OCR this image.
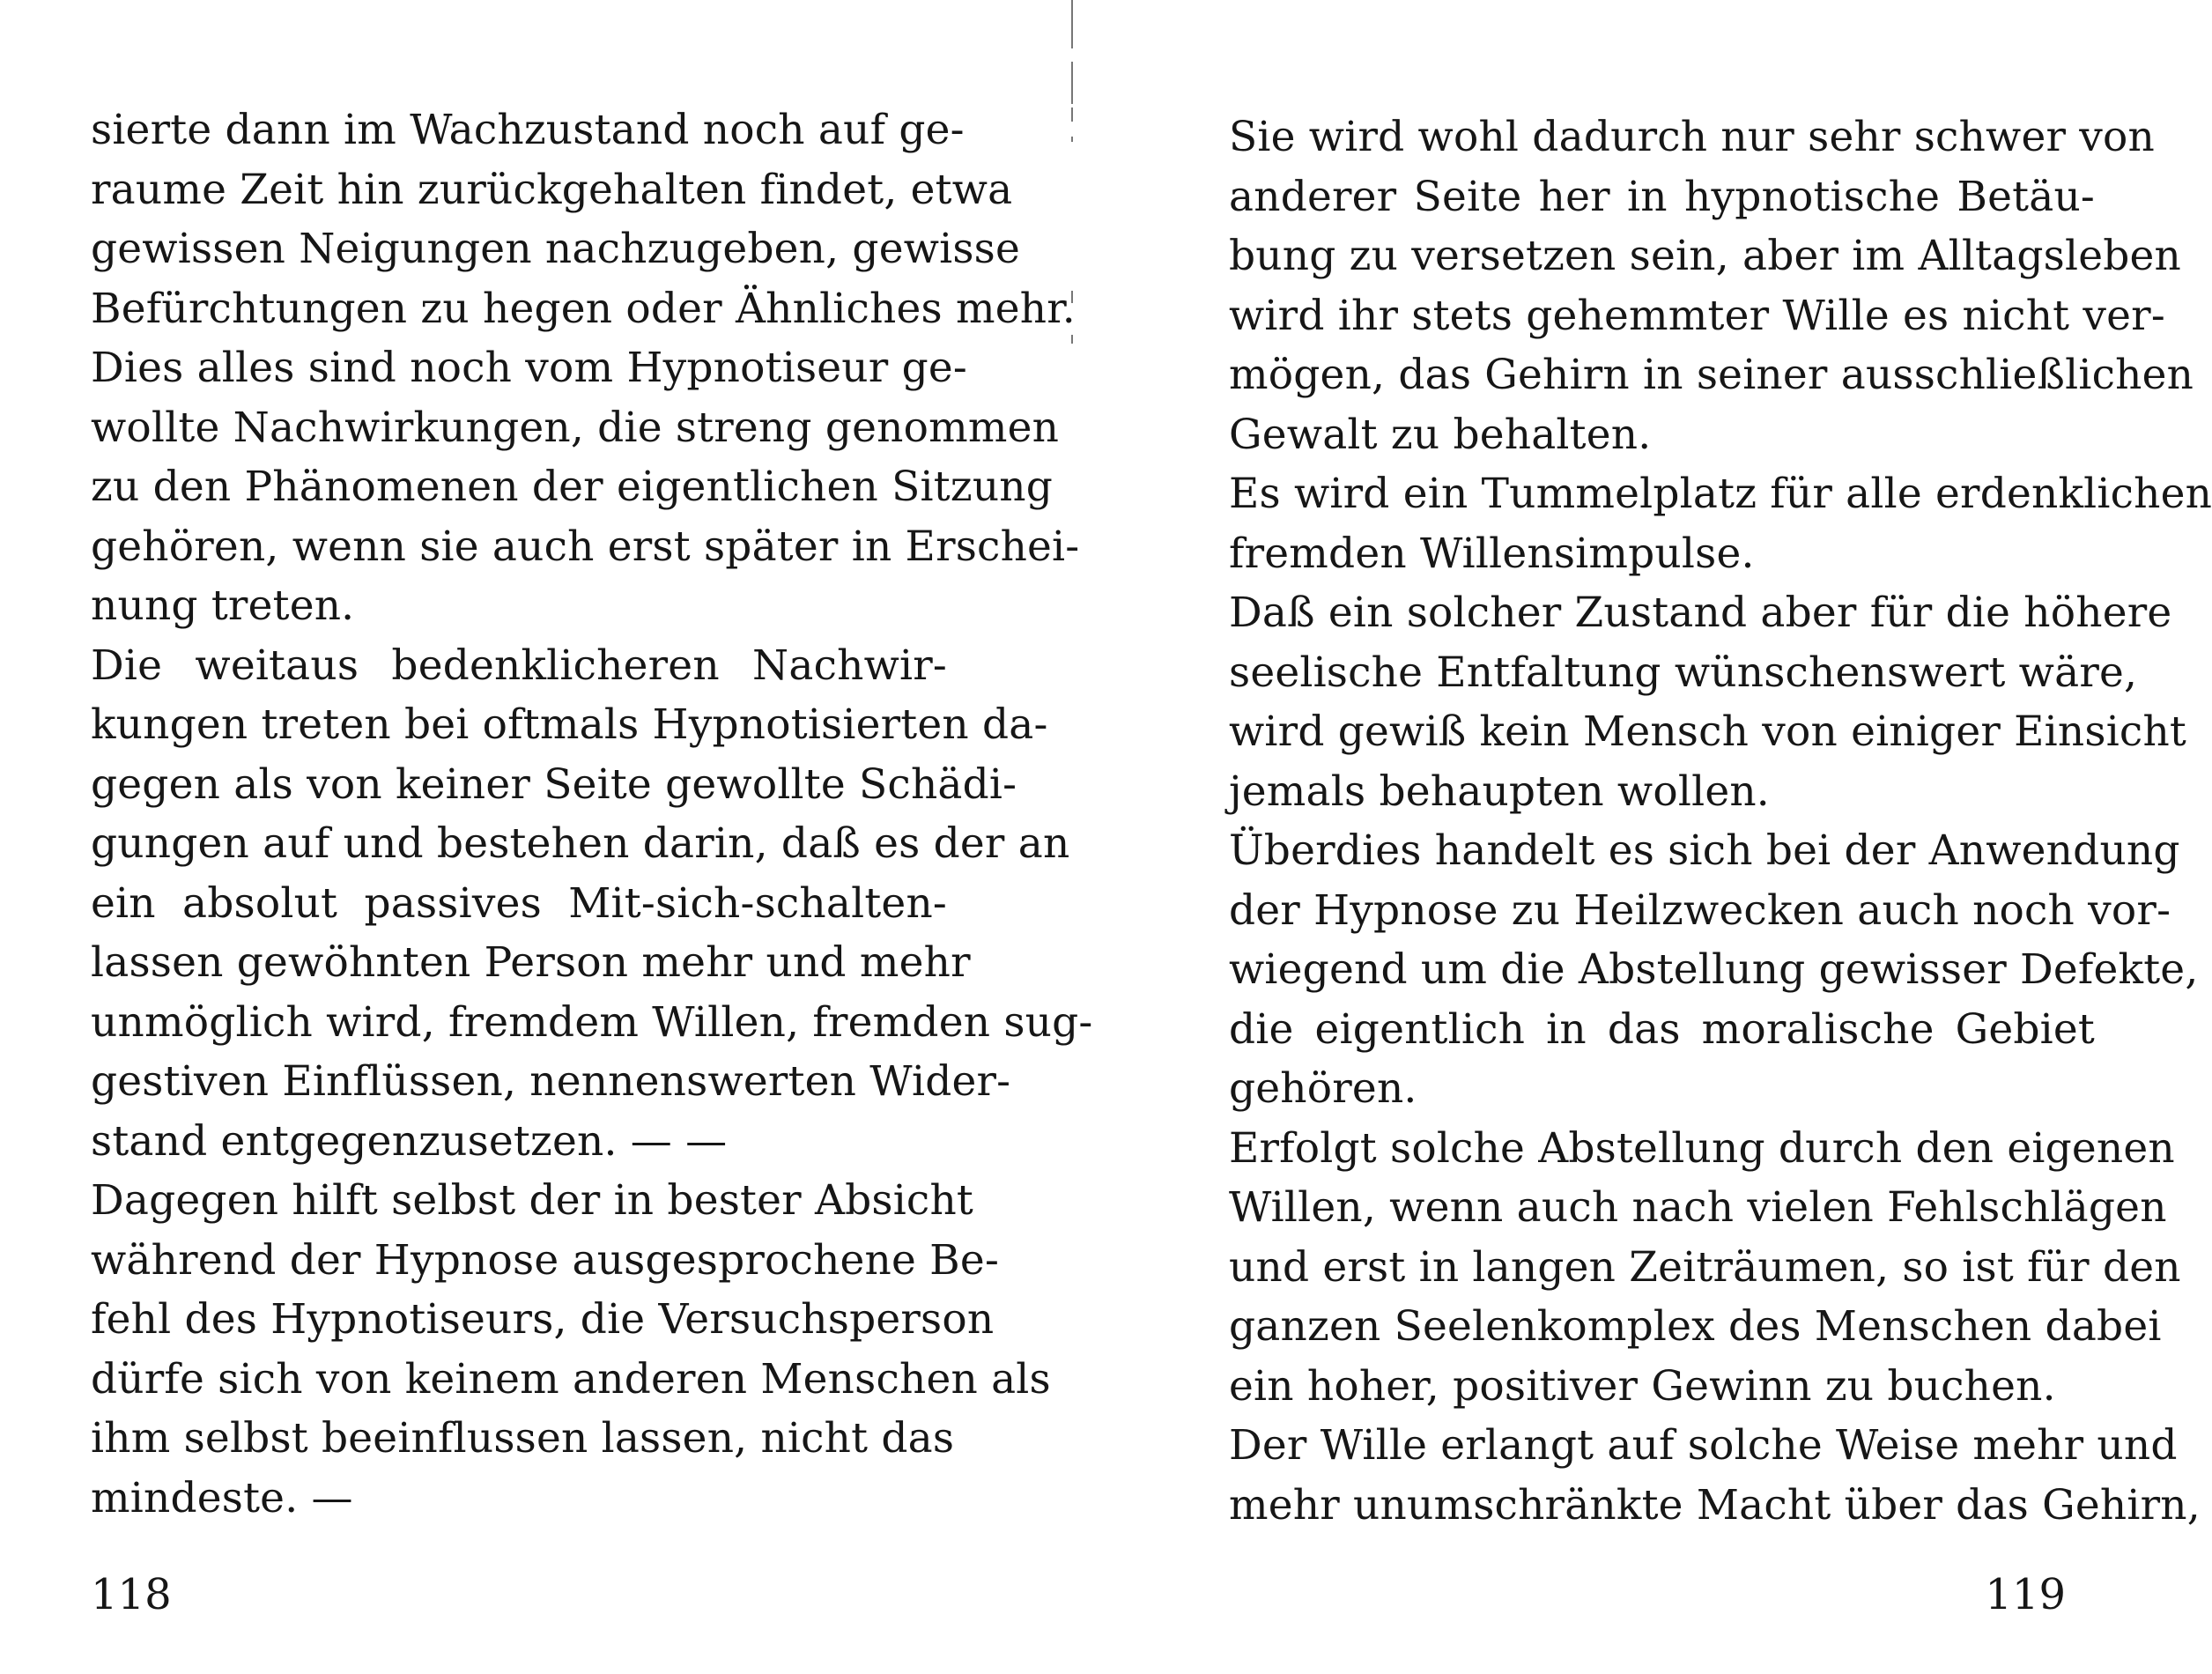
sierte dann im Wachzustand noch auf ge-
raume Zeit hin zurückgehalten findet, etwa
gewissen Neigungen nachzugeben, gewisse
Befürchtungen zu hegen oder Ähnliches mehr.
Dies alles sind noch vom Hypnotiseur ge-
wollte Nachwirkungen, die streng genommen
zu den Phänomenen der eigentlichen Sitzung
gehören, wenn sie auch erst später in Erschei-
nung treten.
Die weitaus bedenklicheren Nachwir-
kungen treten bei oftmals Hypnotisierten da-
gegen als von keiner Seite gewollte Schädi-
gungen auf und bestehen darin, daß es der an
ein absolut passives Mit-sich-schalten-
lassen gewöhnten Person mehr und mehr
unmöglich wird, fremdem Willen, fremden sug-
gestiven Einflüssen, nennenswerten Wider-
stand entgegenzusetzen. — —
Dagegen hilft selbst der in bester Absicht
während der Hypnose ausgesprochene Be-
fehl des Hypnotiseurs, die Versuchsperson
dürfe sich von keinem anderen Menschen als
ihm selbst beeinflussen lassen, nicht das
mindeste. —
118
Sie wird wohl dadurch nur sehr schwer von
anderer Seite her in hypnotische Betäu-
bung zu versetzen sein, aber im Alltagsleben
wird ihr stets gehemmter Wille es nicht ver-
mögen, das Gehirn in seiner ausschließlichen
Gewalt zu behalten.
Es wird ein Tummelplatz für alle erdenklichen
fremden Willensimpulse.
Daß ein solcher Zustand aber für die höhere
seelische Entfaltung wünschenswert wäre,
wird gewiß kein Mensch von einiger Einsicht
jemals behaupten wollen.
Überdies handelt es sich bei der Anwendung
der Hypnose zu Heilzwecken auch noch vor-
wiegend um die Abstellung gewisser Defekte,
die eigentlich in das moralische Gebiet
gehören.
Erfolgt solche Abstellung durch den eigenen
Willen, wenn auch nach vielen Fehlschlägen
und erst in langen Zeiträumen, so ist für den
ganzen Seelenkomplex des Menschen dabei
ein hoher, positiver Gewinn zu buchen.
Der Wille erlangt auf solche Weise mehr und
mehr unumschränkte Macht über das Gehirn,
119
